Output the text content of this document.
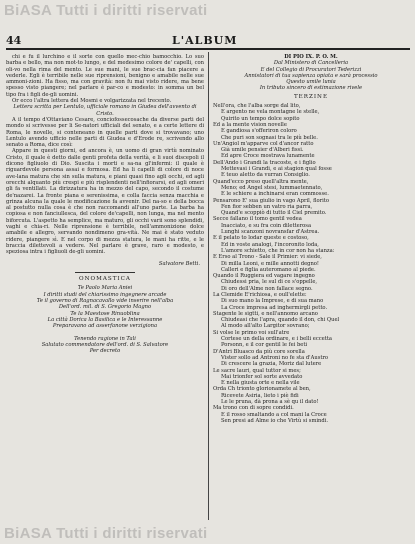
BiASA Tutti i diritti riservati
44	L'ALBUM

chi e fu il lurchino e il sorte con quello mec-chio bamocchio. Lo suo barba e bello, ma non mot-to lungo, e del medesimo colore de' capelli, con oli-vo nella rima del mento. Le sue mani, le sue brac-cia fan piacere a vederle. Egli è terribile nelle sue riprensioni, benigno e amabile nelle sue ammoni-zioni. Ha fisso, ma con gravità: non fu mai visto ridere, ma bene spesso visto piangere; nel parlare è par-co e modesto: in somma un bel tipo fra i figli de-gli uomini.

Or ecco l'altra lettera del Mosmi e volgarizzata nel trecento.

Lettera scritta per Lentulo, ufficiale romano in Giudea dell'avvento di Cristo.

A il tempo d'Ottaviano Cesare, conciofossecosache da diverse parti del mondo si scrivesse per li Se-natori ufficiali del senato, e a certe lettere di Roma, le novelle, si conteneano in quelle parti dove si trovavano; uno Lentulo avendo ufficio nelle parti di Giudea e d'Erode re, scrivendo allo senato a Roma, dice così:

Appare in questi giorni, ed ancora è, un uomo di gran virtù nominato Cristo, il quale è detto dalle genti profeta della verità, e li suoi discepoli il dicono figliuolo di Dio. Suscita i morti e sa-na gl'infermi: il quale è riguardevole persona assai e formosa. Ed ha li capelli di colore di noce ave-lana matura che sin sulla matura, e piani quasi fino agli occhi, ed agli orecchi alquanto più crespi e più risplendenti nell'infiorarsi, ed agli omeri gli fa ventillati. La dirizzatura ha in mezzo del capo, secondo il costume de'nazarei. La fronte piana e serenissima, e colla faccia senza macchia e grinza alcuna la quale le modificazione fa avvenir. Del na-so e della bocca al postutto nulla cosa è che non raccomandi all'uno parte. La barba ha copiosa e non fanciullesca, del colore de'capelli, non lunga, ma nel mento biforcuta. L'aspetto ha semplice, ma maturo, gli occhi varii sono splendidi, vaghi e chia-ri. Nelle riprensione è terribile, nell'ammonizione dolce amabile e allegro, servando nondimeno gra-vità. Ne mai è stato veduto ridere, piangere sì. E nel corpo di mezza statura, le mani ha ritte, e le braccia dilettevoli a vedere. Nel parlare è grave, raro e modesto, e speziosa intra i figliuoli de-gli uomini.

Salvatore Betti.

ONOMASTICA

Te Paolo Maria Aniei

I diritti studi del chiarissimo ingegnere arcade

Te il governo di Ragnacavallo vide inserire nell'alba

Dell'ord. mil. di S. Gregorio Magno

Te la Maestose Rinuoblina

La città Dorica la Basilica e le Interessanne

Preparavano ad asserfanone verzigiona

Tenendo ragione in Tali

Salutato commendatore dell'ord. di S. Salvatore

Per decreto

DI PIO IX. P. O. M.

Dal Ministero di Cancelleria

E del Collegio di Procuratori Tederizzi

Annistatori di tua sapienza opiata e sarà processio

Questo umile lunia

In tributo sincero di estimazione rivele

TERZINE

Nell'ora, che l'alba sorge dal lito,

E argento ne vela montagne le stelle,

Quirito un tempo dolce sopito

Ed a la mente vision novelle

E gandiosa s'offeriron coloro

Che puri son sognasi tra le più belle.

Un'Angiol m'apparve col d'ancor ratto

Già umile pensier d'Alberi fissi.

Ed apre Croce mostrava lunamente

Dell'Ando i Grandi la tracoste, e i figlio

Mettevasi i Grandi, e ai stagion qual fosse

E teuo aletto da vurran Consiglio.

Quand'ecco preso quell'altra mente,

Meno; ed Angel stesi, lummaetennato,

E le schiere a inchinarsi eran commosse.

Pensarono E' sua giulio in vago April, florito

Fen fior sebben un vatro ria parra,

Quand'e scoppiò di tutto il Ciel premito.

Secce fallano il tomo gentil vedea

Inacciato, e su fra coin diletterosa

Lunghi scanzoni novransfar d'Astrea.

E il pelato to lodar queste e costoso,

Ed in voste analogi, l'incoronito loda,

L'amore schietto, che in cor non ha stanza:

E Erso al Trono - Sale il Primier: vi siede,

Di milla Leoni, e mille annotti degno!

Calleri e figlia auteromano al piede.

Quando il Ruggiera ed vagare ingegno

Chiudessi pria, le sul di ce s'oppelle,

Di oro dell'Alme non fallace segno.

La Clemide E'richiosa, e oull'elette:

Di suo mano la Imprese, e di sua mano

La Croce impresa ad inghermirgli petto.

Stagente le sigtti, e nell'annomo arcano

Chiudeasi che l'apra, quando il don, chi Quel

Al modo all'alto Largitor sovrano;

Si volse le primo voi sull'atre

Cortese un della ordinare, e i belli eccetta

Porsonn, e il cor gentil le fei beti

D'Antri Bluasco da più core sorella

Vister sollo ad Antroni no fe sta d'Austro

Di crescere la grazia, Moriz dal lutere

Le sacre lauri, qual tuttor si mes;

Mai trionfer sol sorte avvedato

E nella giusta orte e nella vile

Orda Ch trionto glorionamete al ben,

Ricevete Asiria, lieto i piè fidi

Le le pruna, dà prona a sè qu il dato!

Ma trono con di sopre condidi.

E il rosso smaltando a col mani la Croce

Sen presi ad Alme io che Virtù si smindi.

BiASA Tutti i diritti riservati
